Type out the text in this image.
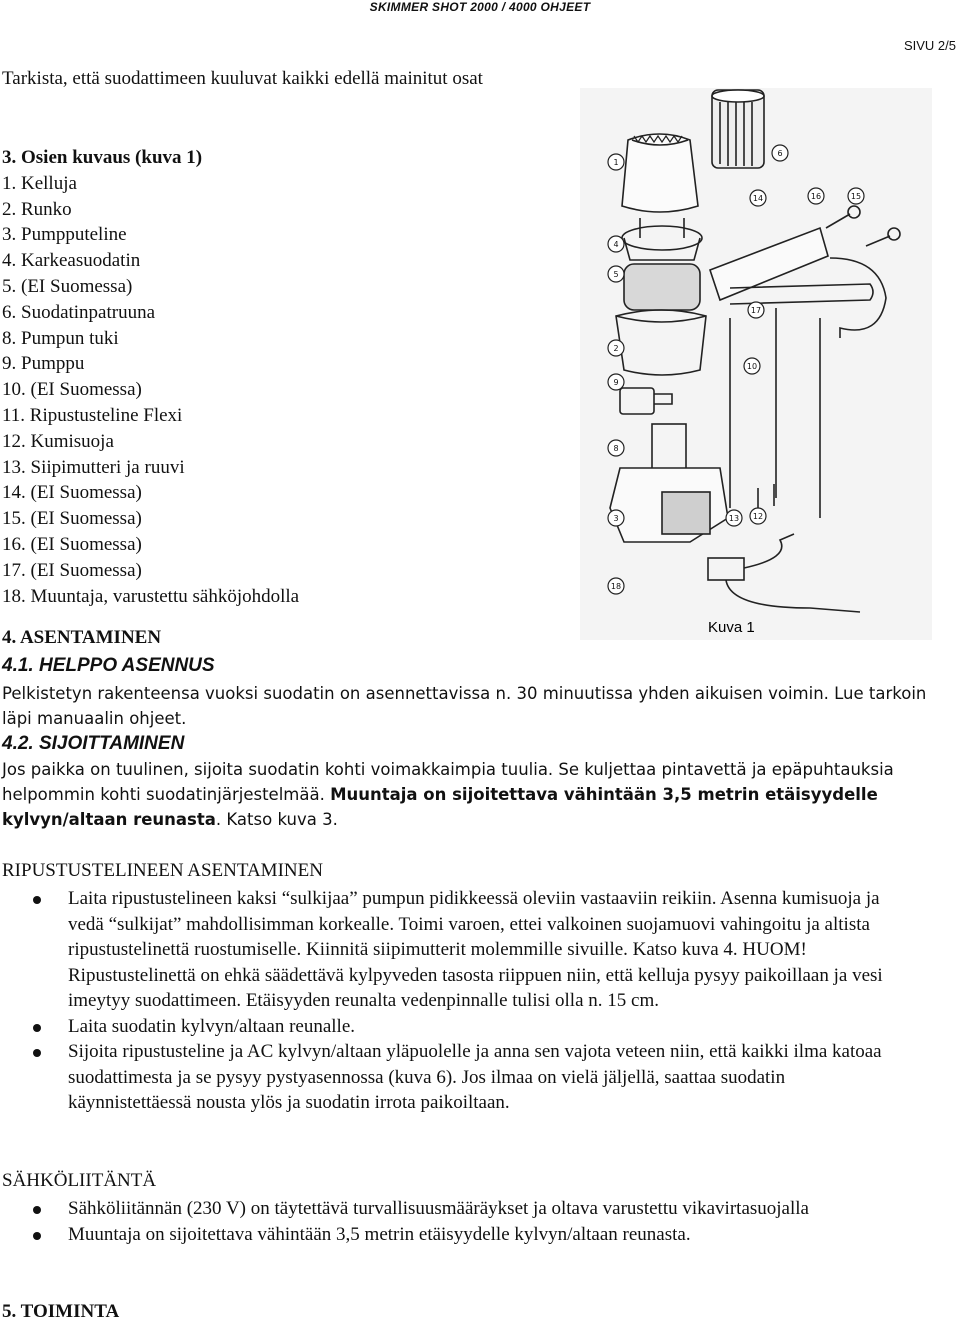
SKIMMER SHOT 2000 / 4000 OHJEET
SIVU 2/5
Tarkista, että suodattimeen kuuluvat kaikki edellä mainitut osat
3. Osien kuvaus (kuva 1)
1. Kelluja
2. Runko
3. Pumpputeline
4. Karkeasuodatin
5. (EI Suomessa)
6. Suodatinpatruuna
8. Pumpun tuki
9. Pumppu
10. (EI Suomessa)
11. Ripustusteline Flexi
12. Kumisuoja
13. Siipimutteri ja ruuvi
14. (EI Suomessa)
15. (EI Suomessa)
16. (EI Suomessa)
17. (EI Suomessa)
18. Muuntaja, varustettu sähköjohdolla
1
6
5
4
2
9
8
3
14	16	15
17
10
13 12
18
Kuva 1
4. ASENTAMINEN
4.1. HELPPO ASENNUS
Pelkistetyn rakenteensa vuoksi suodatin on asennettavissa n. 30 minuutissa yhden aikuisen voimin. Lue tarkoin läpi manuaalin ohjeet.
4.2. SIJOITTAMINEN
Jos paikka on tuulinen, sijoita suodatin kohti voimakkaimpia tuulia. Se kuljettaa pintavettä ja epäpuhtauksia helpommin kohti suodatinjärjestelmää. Muuntaja on sijoitettava vähintään 3,5 metrin etäisyydelle kylvyn/altaan reunasta. Katso kuva 3.
RIPUSTUSTELINEEN ASENTAMINEN
Laita ripustustelineen kaksi “sulkijaa” pumpun pidikkeessä oleviin vastaaviin reikiin. Asenna kumisuoja ja vedä “sulkijat” mahdollisimman korkealle. Toimi varoen, ettei valkoinen suojamuovi vahingoitu ja altista ripustustelinettä ruostumiselle. Kiinnitä siipimutterit molemmille sivuille. Katso kuva 4. HUOM! Ripustustelinettä on ehkä säädettävä kylpyveden tasosta riippuen niin, että kelluja pysyy paikoillaan ja vesi imeytyy suodattimeen. Etäisyyden reunalta vedenpinnalle tulisi olla n. 15 cm.
Laita suodatin kylvyn/altaan reunalle.
Sijoita ripustusteline ja AC kylvyn/altaan yläpuolelle ja anna sen vajota veteen niin, että kaikki ilma katoaa suodattimesta ja se pysyy pystyasennossa (kuva 6). Jos ilmaa on vielä jäljellä, saattaa suodatin käynnistettäessä nousta ylös ja suodatin irrota paikoiltaan.
SÄHKÖLIITÄNTÄ
Sähköliitännän (230 V) on täytettävä turvallisuusmääräykset ja oltava varustettu vikavirtasuojalla
Muuntaja on sijoitettava vähintään 3,5 metrin etäisyydelle kylvyn/altaan reunasta.
5. TOIMINTA
